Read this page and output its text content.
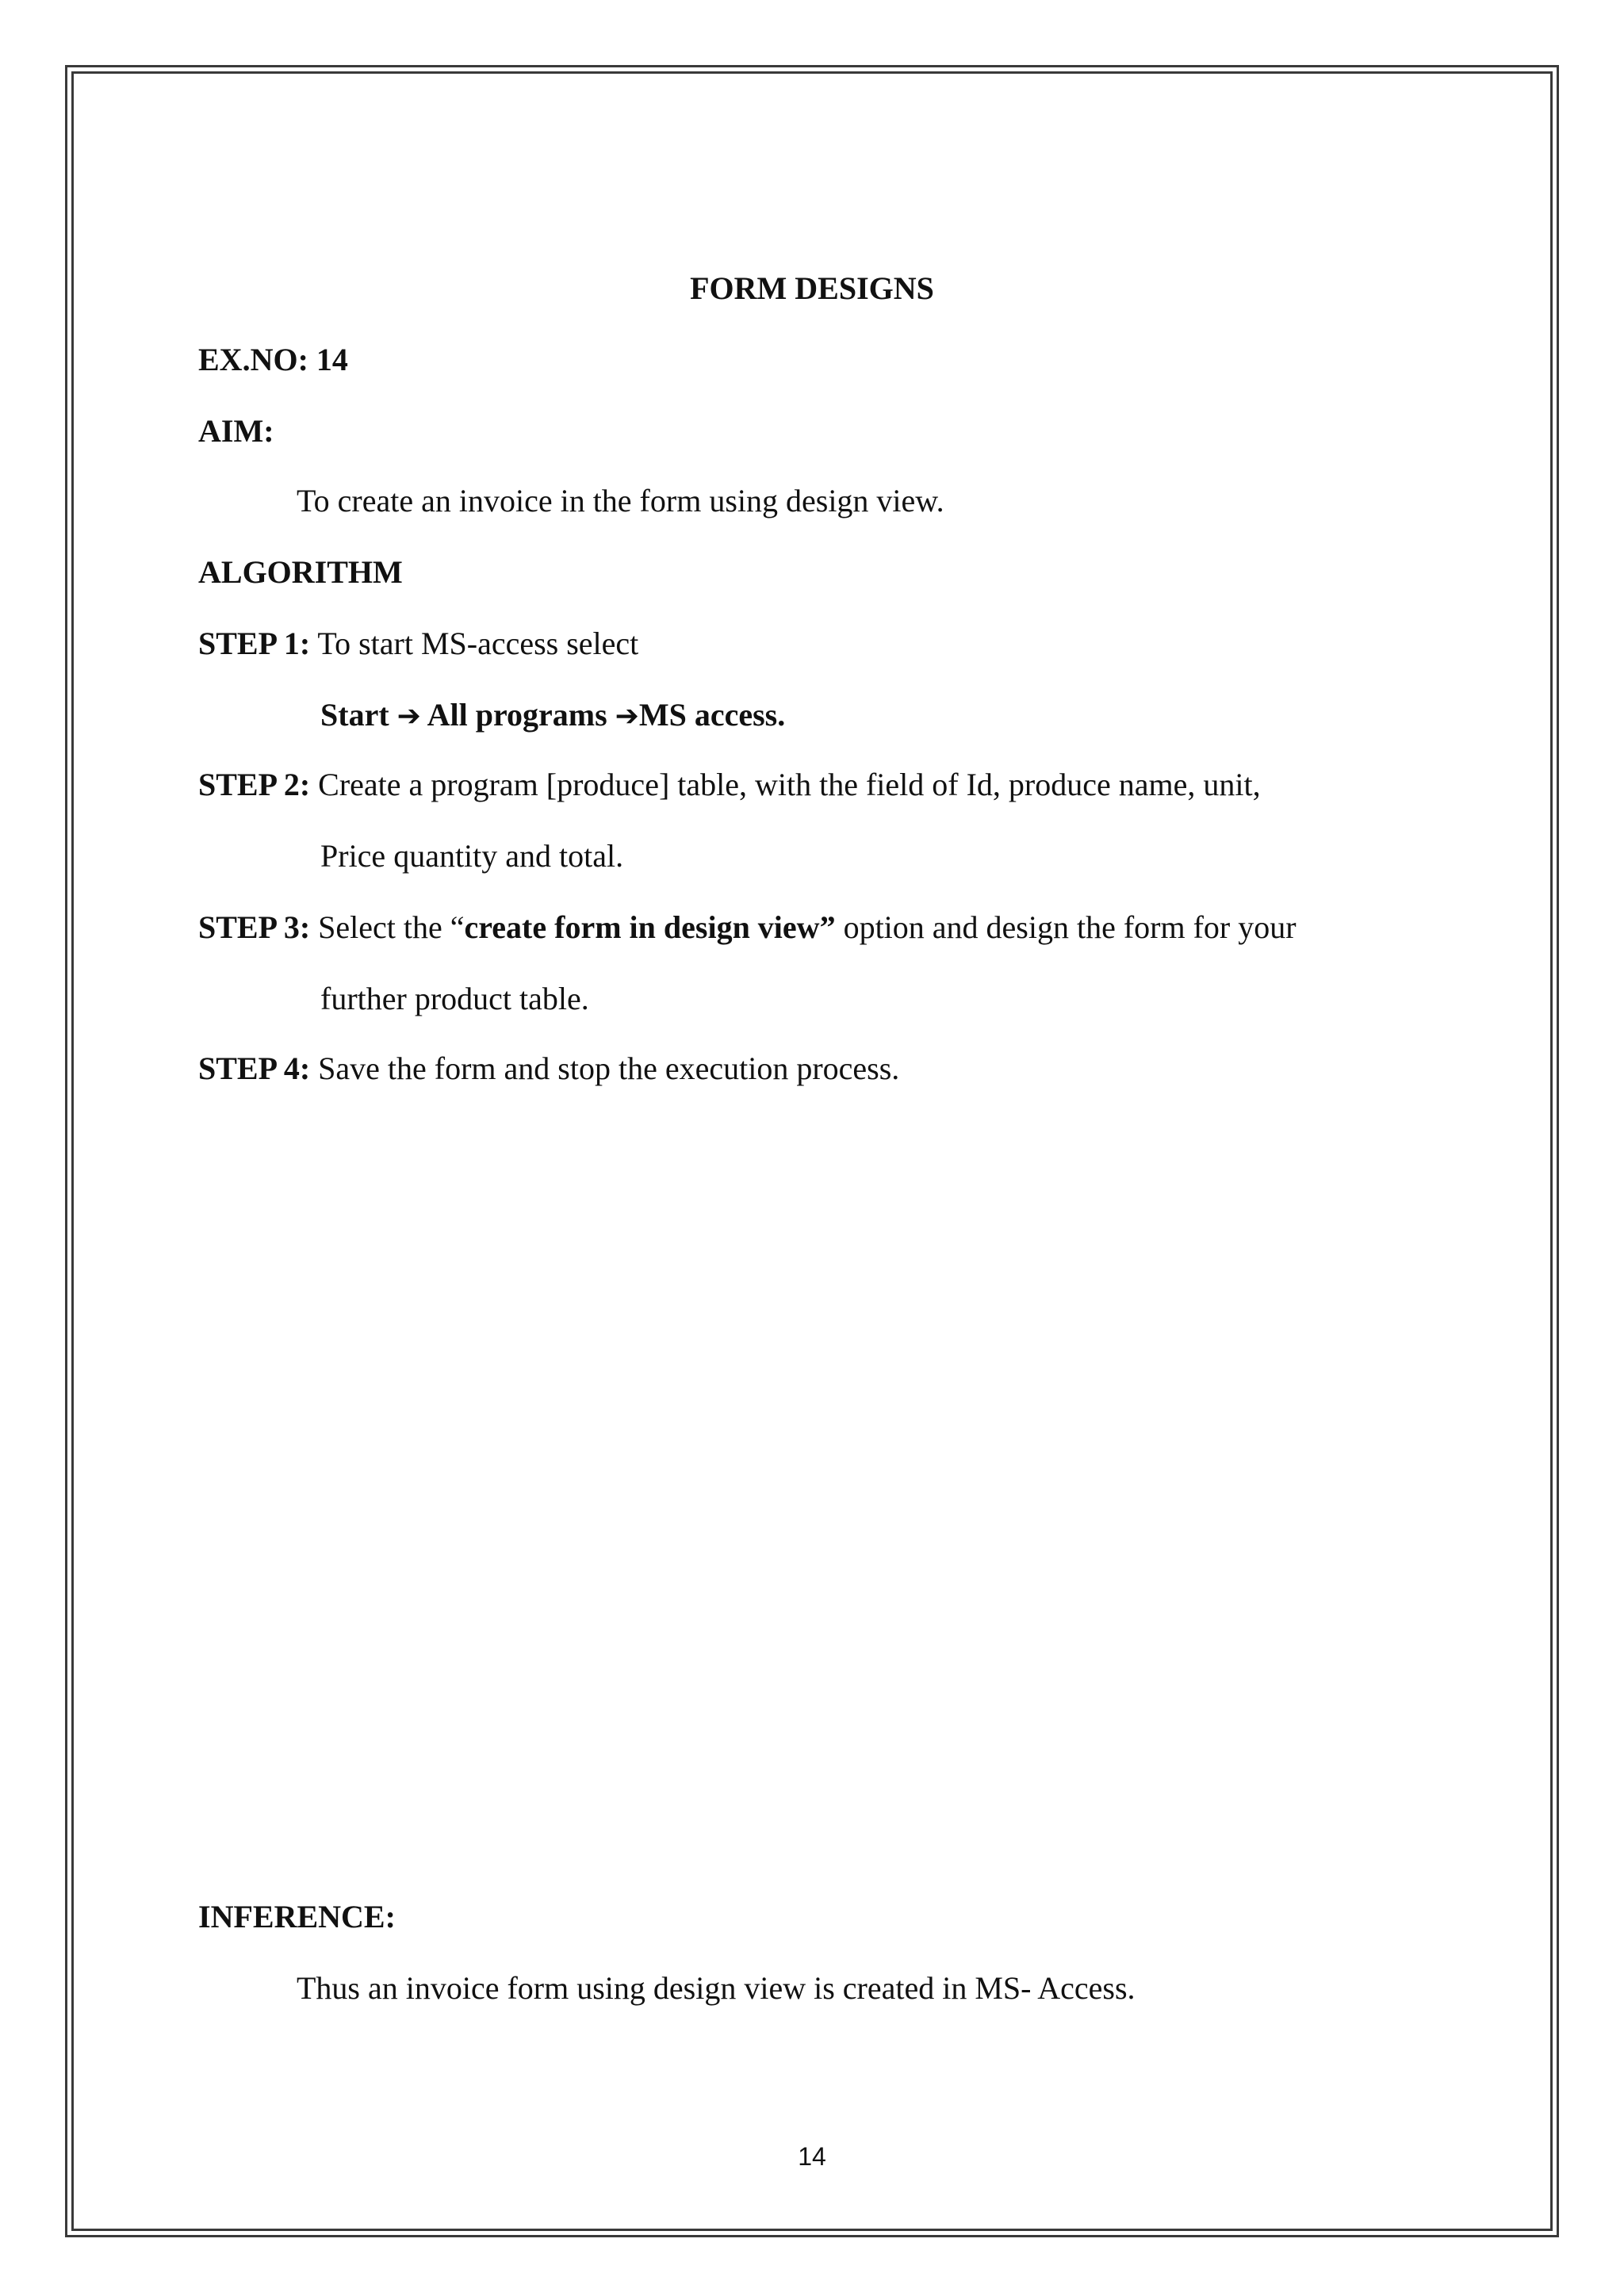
FORM DESIGNS
EX.NO: 14
AIM:
To create an invoice in the form using design view.
ALGORITHM
STEP 1: To start MS-access select
Start ➔ All programs ➔MS access.
STEP 2: Create a program [produce] table, with the field of Id, produce name, unit,
Price quantity and total.
STEP 3: Select the “create form in design view” option and design the form for your
further product table.
STEP 4: Save the form and stop the execution process.
INFERENCE:
Thus an invoice form using design view is created in MS- Access.
14
